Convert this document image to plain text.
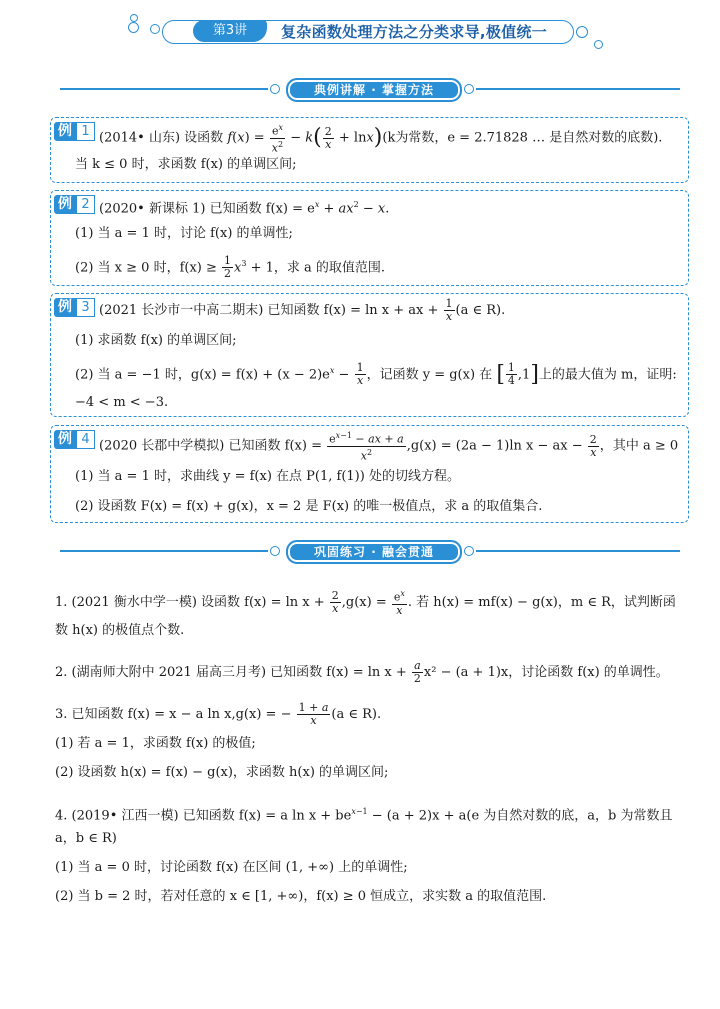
第3讲	复杂函数处理方法之分类求导,极值统一
典例讲解 · 掌握方法
例 1 (2014• 山东) 设函数 $f(x) = \frac{e^x}{x^2} - k( \frac{2}{x} + \ln x)(k$为常数，e = 2.71828 … 是自然对数的底数).
当 k ≤ 0 时，求函数 f(x) 的单调区间;
例 2 (2020• 新课标 1) 已知函数 $f(x) = e^x + ax^2 - x$.
(1) 当 a = 1 时，讨论 f(x) 的单调性;
(2) 当 x ≥ 0 时，$f(x) \ge \frac{1}{2} x^3 + 1$，求 a 的取值范围.
例 3 (2021 长沙市一中高二期末) 已知函数 f(x) = ln x + ax + $\frac{1}{x} (a$ ∈ R).
(1) 求函数 f(x) 的单调区间;
(2) 当 a = −1 时，$g(x) = f(x) + (x - 2)e^x - \frac{1}{x}$ ，记函数 y = g(x) 在 [ $\frac{1}{4} ,1$]上的最大值为 m，证明:
−4 < m < −3.
例 4 (2020 长郡中学模拟) 已知函数 $f(x) = \frac{e^{x-1} - ax + a}{x^2} ,g(x) = (2a - 1)\ln$ x − ax − $\frac{2}{x}$ ，其中 a ≥ 0
(1) 当 a = 1 时，求曲线 y = f(x) 在点 P(1, f(1)) 处的切线方程。
(2) 设函数 F(x) = f(x) + g(x)，x = 2 是 F(x) 的唯一极值点，求 a 的取值集合.
巩固练习 · 融会贯通
1. (2021 衡水中学一模) 设函数 $f(x) = \ln x + \frac{2}{x} ,g(x) = \frac{e^x}{x}$ . 若 h(x) = mf(x) − g(x)，m ∈ R，试判断函
数 h(x) 的极值点个数.
2. (湖南师大附中 2021 届高三月考) 已知函数 $f(x) = \ln x + \frac{a}{2} x^2 - (a + 1)x$，讨论函数 f(x) 的单调性。
3. 已知函数 f(x) = x − a ln x,g(x) = − $\frac{1 + a}{x} (a$ ∈ R).
(1) 若 a = 1，求函数 f(x) 的极值;
(2) 设函数 h(x) = f(x) − g(x)，求函数 h(x) 的单调区间;
4. (2019• 江西一模) 已知函数 f(x) = a $\ln x + be^{x-1} - (a + 2)x + a(e$ 为自然对数的底，a，b 为常数且
a，b ∈ R)
(1) 当 a = 0 时，讨论函数 f(x) 在区间 (1, +∞) 上的单调性;
(2) 当 b = 2 时，若对任意的 x ∈ [1, +∞)，f(x) ≥ 0 恒成立，求实数 a 的取值范围.
